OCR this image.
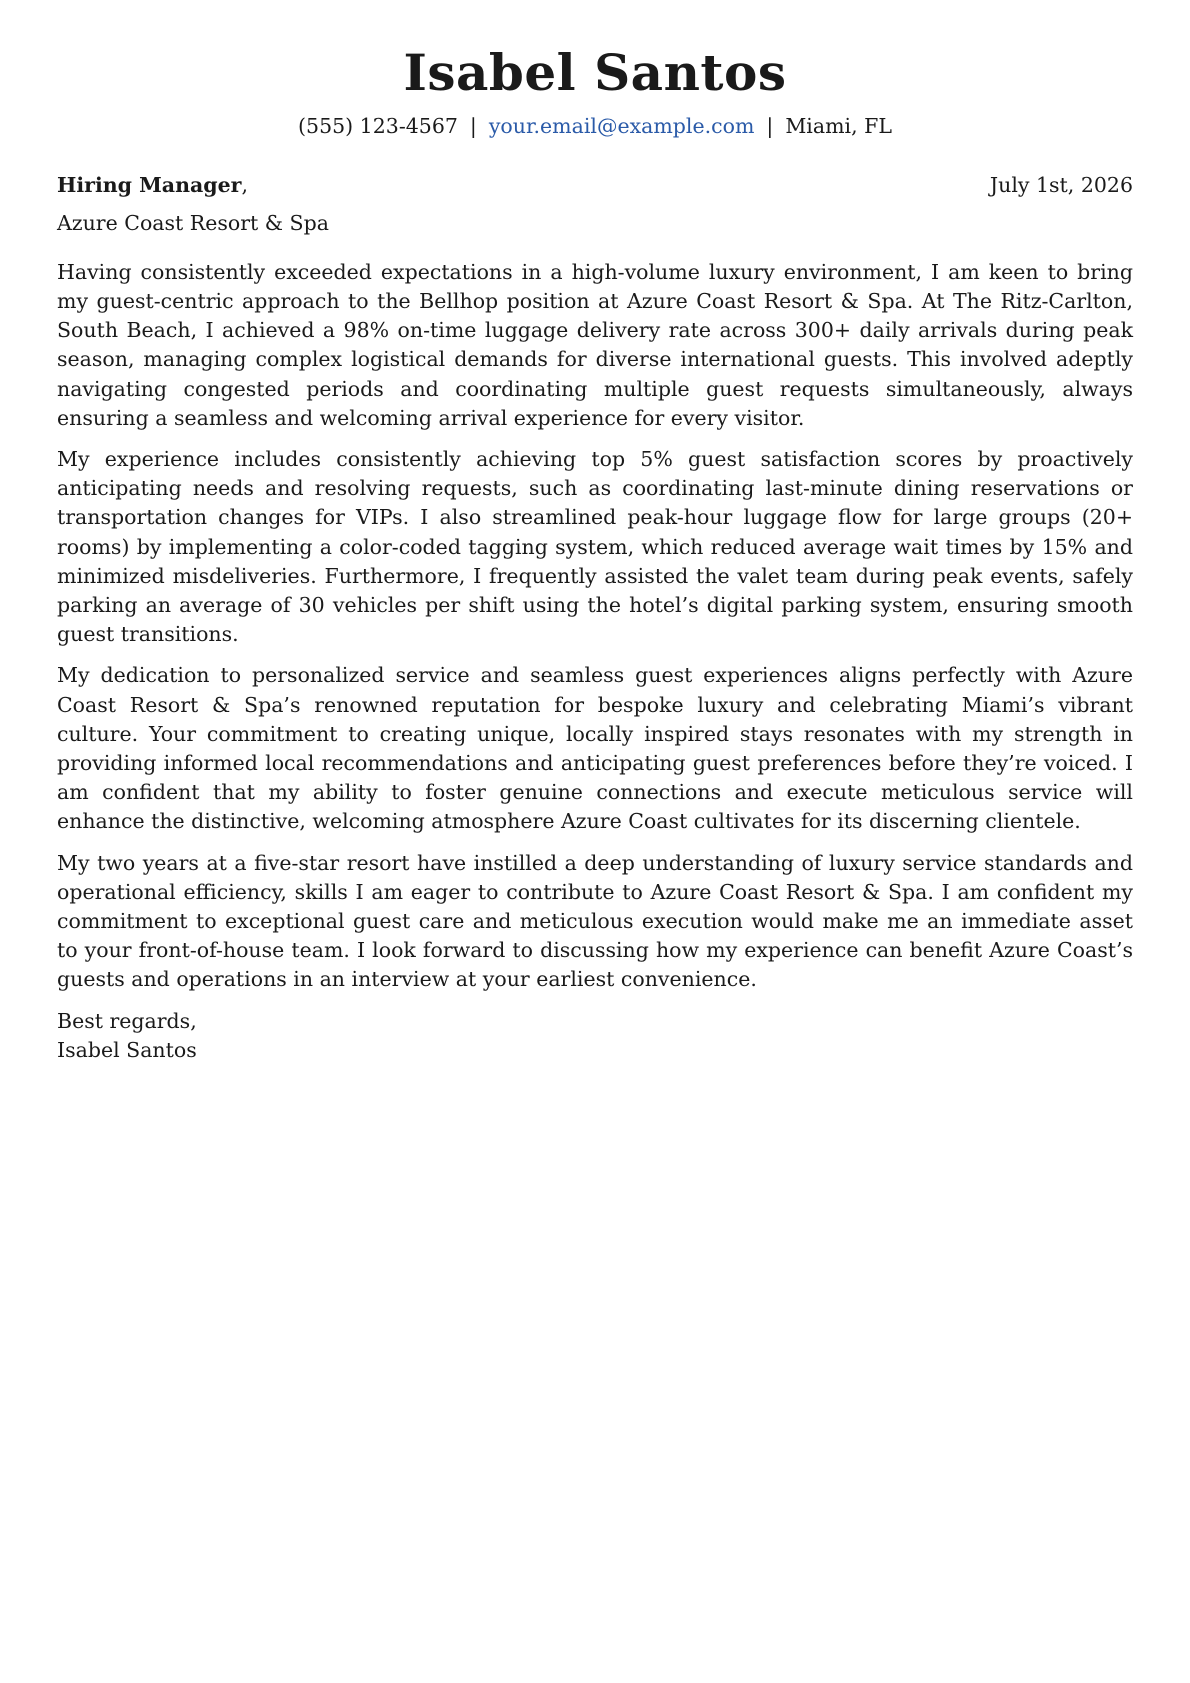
Isabel Santos
(555) 123-4567 | your.email@example.com | Miami, FL
Hiring Manager,	July 1st, 2026
Azure Coast Resort & Spa

Having consistently exceeded expectations in a high-volume luxury environment, I am keen to bring my guest-centric approach to the Bellhop position at Azure Coast Resort & Spa. At The Ritz-Carlton, South Beach, I achieved a 98% on-time luggage delivery rate across 300+ daily arrivals during peak season, managing complex logistical demands for diverse international guests. This involved adeptly navigating congested periods and coordinating multiple guest requests simultaneously, always ensuring a seamless and welcoming arrival experience for every visitor.

My experience includes consistently achieving top 5% guest satisfaction scores by proactively anticipating needs and resolving requests, such as coordinating last-minute dining reservations or transportation changes for VIPs. I also streamlined peak-hour luggage flow for large groups (20+ rooms) by implementing a color-coded tagging system, which reduced average wait times by 15% and minimized misdeliveries. Furthermore, I frequently assisted the valet team during peak events, safely parking an average of 30 vehicles per shift using the hotel’s digital parking system, ensuring smooth guest transitions.

My dedication to personalized service and seamless guest experiences aligns perfectly with Azure Coast Resort & Spa’s renowned reputation for bespoke luxury and celebrating Miami’s vibrant culture. Your commitment to creating unique, locally inspired stays resonates with my strength in providing informed local recommendations and anticipating guest preferences before they’re voiced. I am confident that my ability to foster genuine connections and execute meticulous service will enhance the distinctive, welcoming atmosphere Azure Coast cultivates for its discerning clientele.

My two years at a five-star resort have instilled a deep understanding of luxury service standards and operational efficiency, skills I am eager to contribute to Azure Coast Resort & Spa. I am confident my commitment to exceptional guest care and meticulous execution would make me an immediate asset to your front-of-house team. I look forward to discussing how my experience can benefit Azure Coast’s guests and operations in an interview at your earliest convenience.

Best regards,
Isabel Santos
